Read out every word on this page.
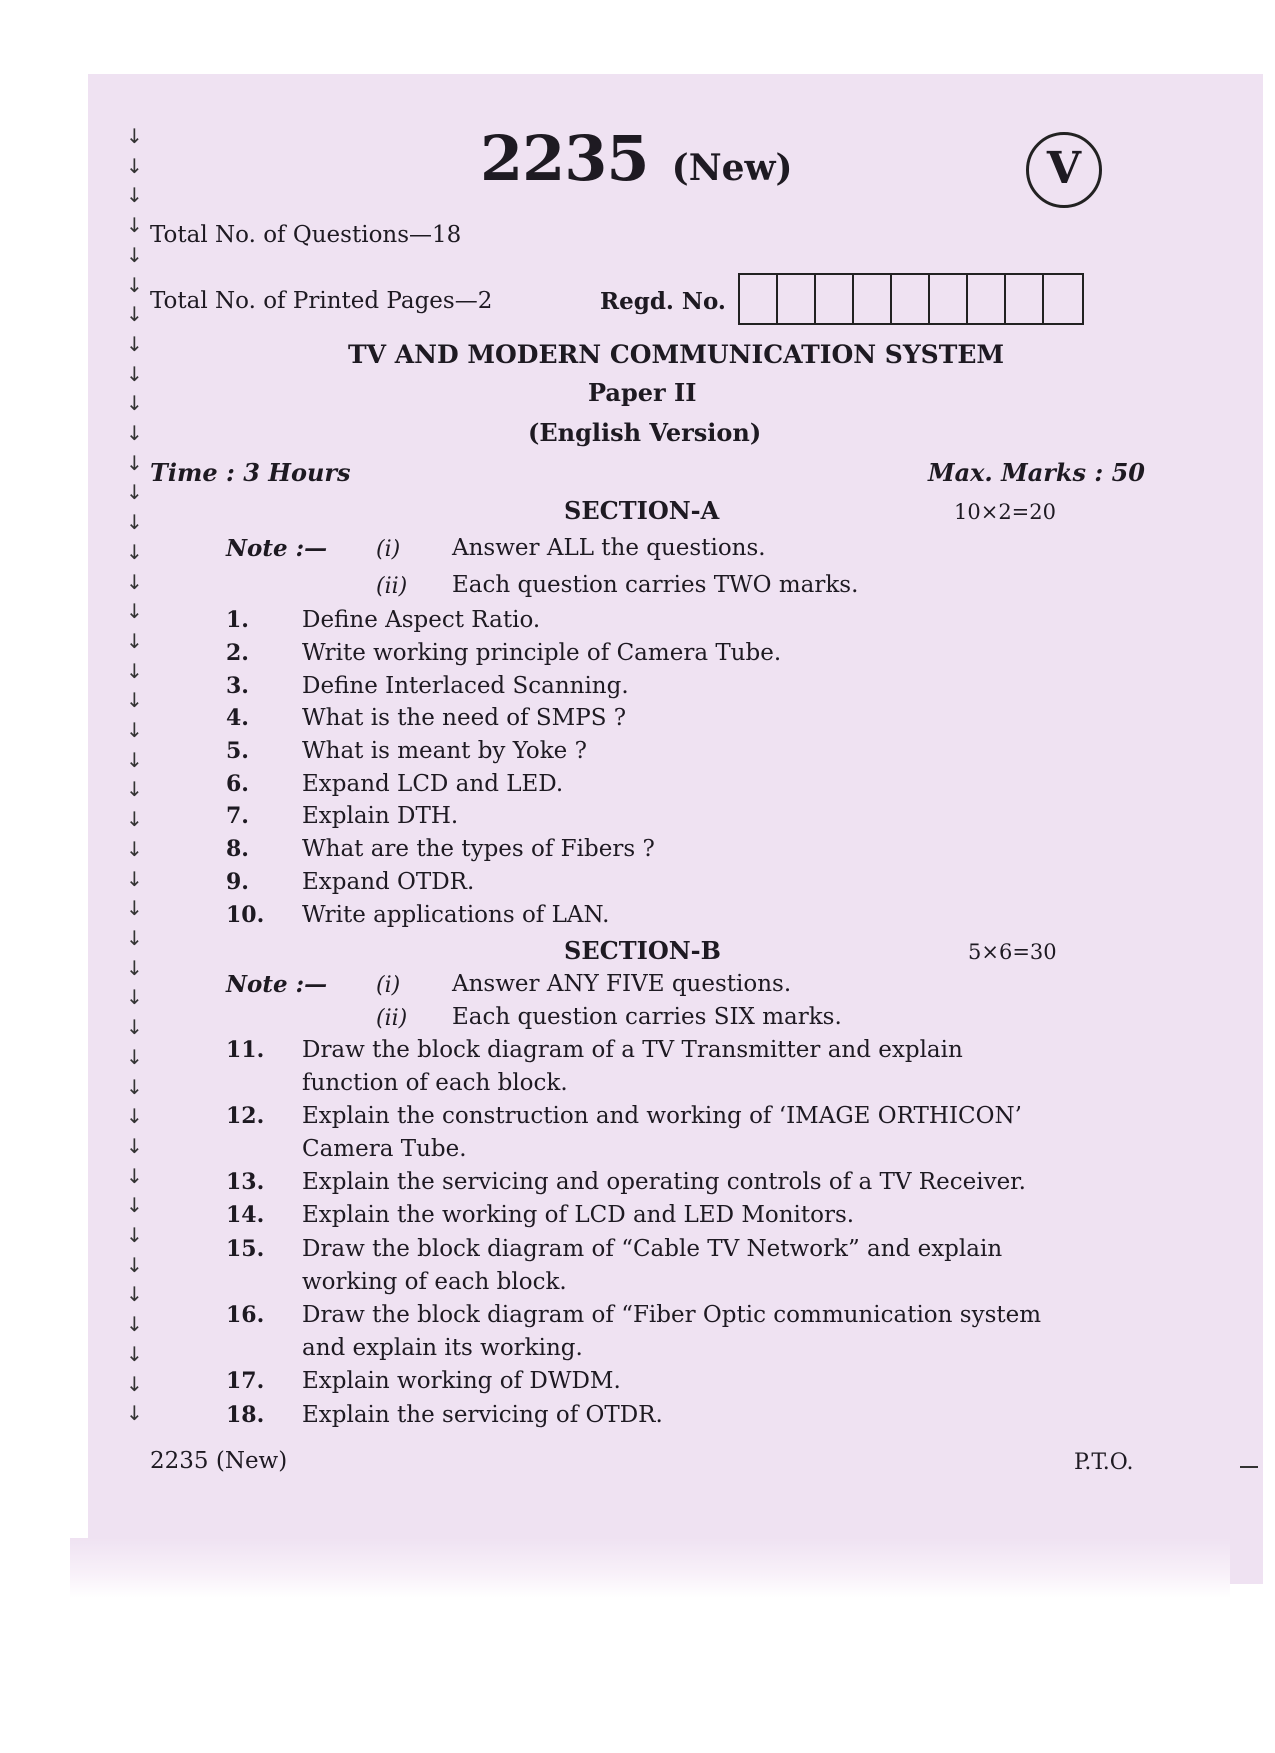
↓
↓
↓
↓
↓
↓
↓
↓
↓
↓
↓
↓
↓
↓
↓
↓
↓
↓
↓
↓
↓
↓
↓
↓
↓
↓
↓
↓
↓
↓
↓
↓
↓
↓
↓
↓
↓
↓
↓
↓
↓
↓
↓
↓
2235 (New)	V
Total No. of Questions—18
Total No. of Printed Pages—2	Regd. No.
TV AND MODERN COMMUNICATION SYSTEM
Paper II
(English Version)
Time : 3 Hours	Max. Marks : 50
SECTION-A	10×2=20
Note :— (i) Answer ALL the questions.
(ii) Each question carries TWO marks.
1. Define Aspect Ratio.
2. Write working principle of Camera Tube.
3. Define Interlaced Scanning.
4. What is the need of SMPS ?
5. What is meant by Yoke ?
6. Expand LCD and LED.
7. Explain DTH.
8. What are the types of Fibers ?
9. Expand OTDR.
10. Write applications of LAN.
SECTION-B	5×6=30
Note :— (i) Answer ANY FIVE questions.
(ii) Each question carries SIX marks.
11. Draw the block diagram of a TV Transmitter and explain
function of each block.
12. Explain the construction and working of ‘IMAGE ORTHICON’
Camera Tube.
13. Explain the servicing and operating controls of a TV Receiver.
14. Explain the working of LCD and LED Monitors.
15. Draw the block diagram of “Cable TV Network” and explain
working of each block.
16. Draw the block diagram of “Fiber Optic communication system
and explain its working.
17. Explain working of DWDM.
18. Explain the servicing of OTDR.
2235 (New)	P.T.O.
